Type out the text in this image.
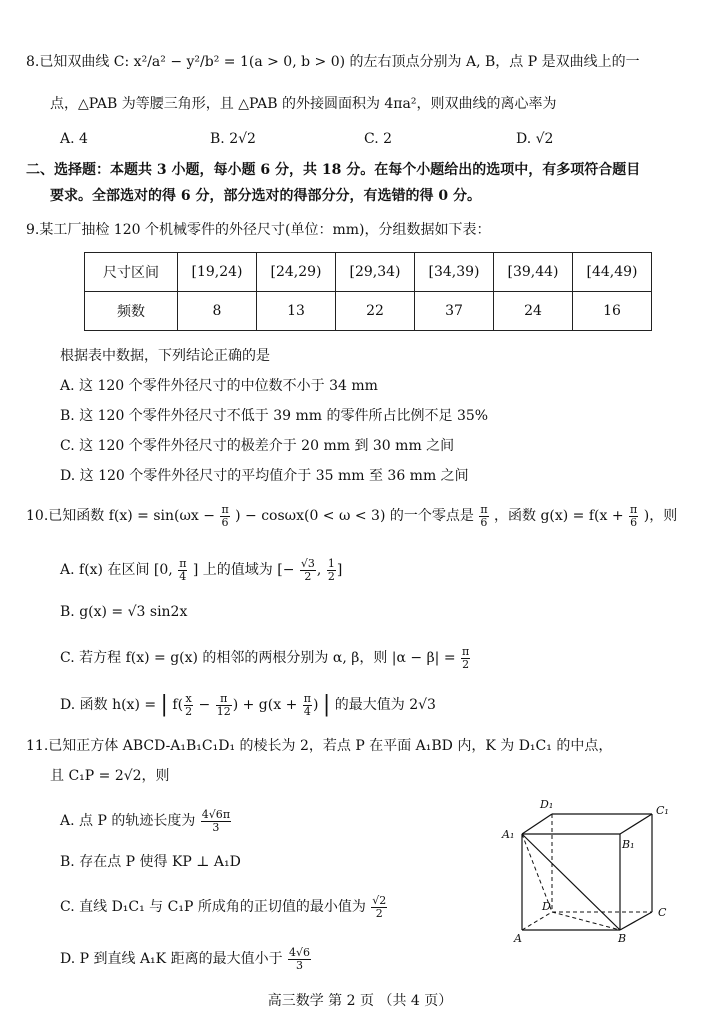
8.已知双曲线 C: x²/a² − y²/b² = 1(a > 0, b > 0) 的左右顶点分别为 A, B，点 P 是双曲线上的一
点，△PAB 为等腰三角形，且 △PAB 的外接圆面积为 4πa²，则双曲线的离心率为
A. 4	B. 2√2	C. 2	D. √2
二、选择题：本题共 3 小题，每小题 6 分，共 18 分。在每个小题给出的选项中，有多项符合题目
要求。全部选对的得 6 分，部分选对的得部分分，有选错的得 0 分。
9.某工厂抽检 120 个机械零件的外径尺寸(单位：mm)，分组数据如下表：
尺寸区间	[19,24)	[24,29)	[29,34)	[34,39)	[39,44)	[44,49)
频数	8	13	22	37	24	16
根据表中数据，下列结论正确的是
A. 这 120 个零件外径尺寸的中位数不小于 34 mm
B. 这 120 个零件外径尺寸不低于 39 mm 的零件所占比例不足 35%
C. 这 120 个零件外径尺寸的极差介于 20 mm 到 30 mm 之间
D. 这 120 个零件外径尺寸的平均值介于 35 mm 至 36 mm 之间
10.已知函数 $f(x) = \sin(\omega x - \frac{\pi}{6}$ ) − cosωx(0 < ω < 3) 的一个零点是 $\frac{\pi}{6}$ ，函数 $g(x) = f(x + \frac{\pi}{6}$ )，则
A. f(x) 在区间 [0, $\frac{\pi}{4}$ ] 上的值域为 [− $\frac{√3}{2}$ , $\frac{1}{2}$ ]
B. g(x) = √3 sin2x
C. 若方程 f(x) = g(x) 的相邻的两根分别为 α, β，则 $|\alpha - \beta| = \frac{\pi}{2}$
D. 函数 h(x) = | $f( \frac{x}{2} - \frac{\pi}{12}$ ) + $g(x + \frac{\pi}{4}$ ) | 的最大值为 2√3
11.已知正方体 ABCD-A₁B₁C₁D₁ 的棱长为 2，若点 P 在平面 A₁BD 内，K 为 D₁C₁ 的中点，
且 C₁P = 2√2，则
A. 点 P 的轨迹长度为 $\frac{4√6\pi}{3}$
B. 存在点 P 使得 KP ⊥ A₁D
C. 直线 D₁C₁ 与 C₁P 所成角的正切值的最小值为 $\frac{√2}{2}$
D. P 到直线 A₁K 距离的最大值小于 $\frac{4√6}{3}$
D₁	C₁
A₁
B₁
D	C
A	B
高三数学 第 2 页 （共 4 页）
